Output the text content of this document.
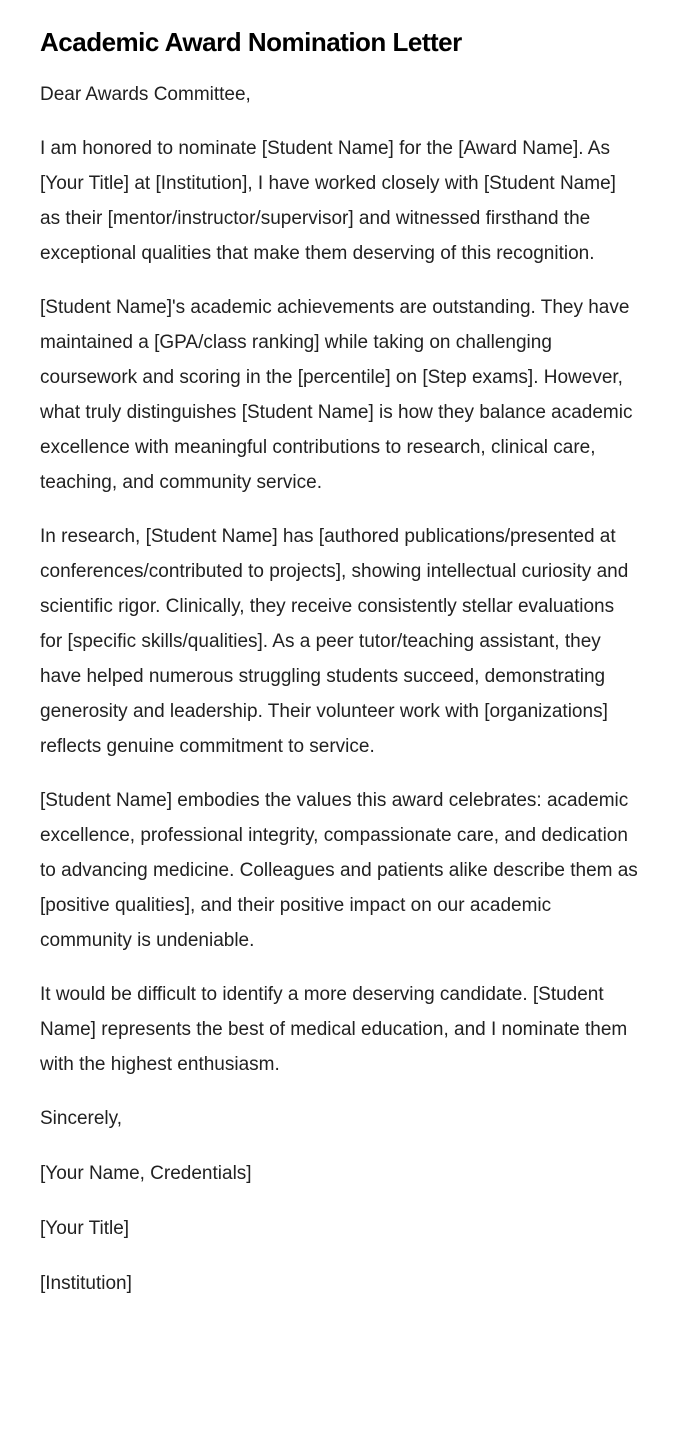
Academic Award Nomination Letter

Dear Awards Committee,

I am honored to nominate [Student Name] for the [Award Name]. As [Your Title] at [Institution], I have worked closely with [Student Name] as their [mentor/instructor/supervisor] and witnessed firsthand the exceptional qualities that make them deserving of this recognition.

[Student Name]'s academic achievements are outstanding. They have maintained a [GPA/class ranking] while taking on challenging coursework and scoring in the [percentile] on [Step exams]. However, what truly distinguishes [Student Name] is how they balance academic excellence with meaningful contributions to research, clinical care, teaching, and community service.

In research, [Student Name] has [authored publications/presented at conferences/contributed to projects], showing intellectual curiosity and scientific rigor. Clinically, they receive consistently stellar evaluations for [specific skills/qualities]. As a peer tutor/teaching assistant, they have helped numerous struggling students succeed, demonstrating generosity and leadership. Their volunteer work with [organizations] reflects genuine commitment to service.

[Student Name] embodies the values this award celebrates: academic excellence, professional integrity, compassionate care, and dedication to advancing medicine. Colleagues and patients alike describe them as [positive qualities], and their positive impact on our academic community is undeniable.

It would be difficult to identify a more deserving candidate. [Student Name] represents the best of medical education, and I nominate them with the highest enthusiasm.

Sincerely,

[Your Name, Credentials]

[Your Title]

[Institution]
